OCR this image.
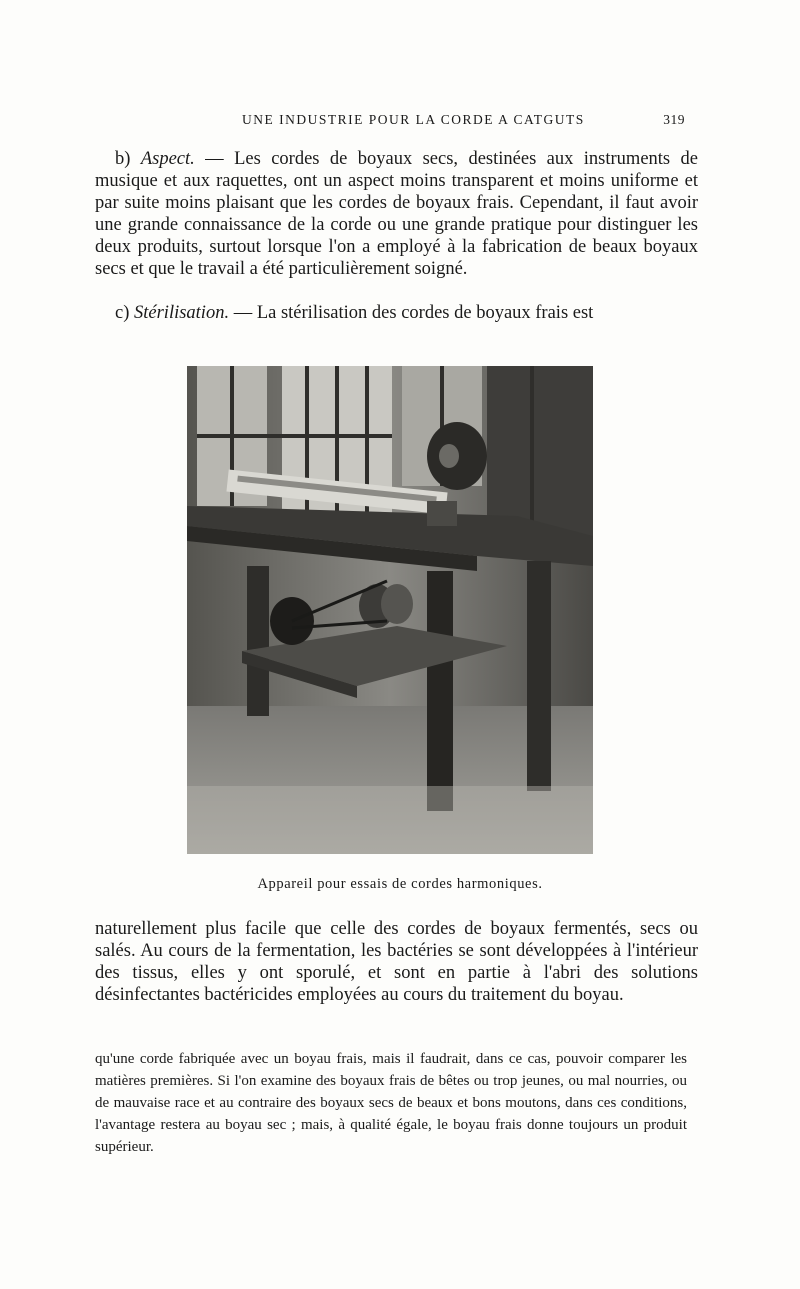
UNE INDUSTRIE POUR LA CORDE A CATGUTS	319

b) Aspect. — Les cordes de boyaux secs, destinées aux instruments de musique et aux raquettes, ont un aspect moins transparent et moins uniforme et par suite moins plaisant que les cordes de boyaux frais. Cependant, il faut avoir une grande connaissance de la corde ou une grande pratique pour distinguer les deux produits, surtout lorsque l'on a employé à la fabrication de beaux boyaux secs et que le travail a été particulièrement soigné.

c) Stérilisation. — La stérilisation des cordes de boyaux frais est

Appareil pour essais de cordes harmoniques.

naturellement plus facile que celle des cordes de boyaux fermentés, secs ou salés. Au cours de la fermentation, les bactéries se sont développées à l'intérieur des tissus, elles y ont sporulé, et sont en partie à l'abri des solutions désinfectantes bactéricides employées au cours du traitement du boyau.

qu'une corde fabriquée avec un boyau frais, mais il faudrait, dans ce cas, pouvoir comparer les matières premières. Si l'on examine des boyaux frais de bêtes ou trop jeunes, ou mal nourries, ou de mauvaise race et au contraire des boyaux secs de beaux et bons moutons, dans ces conditions, l'avantage restera au boyau sec ; mais, à qualité égale, le boyau frais donne toujours un produit supérieur.
